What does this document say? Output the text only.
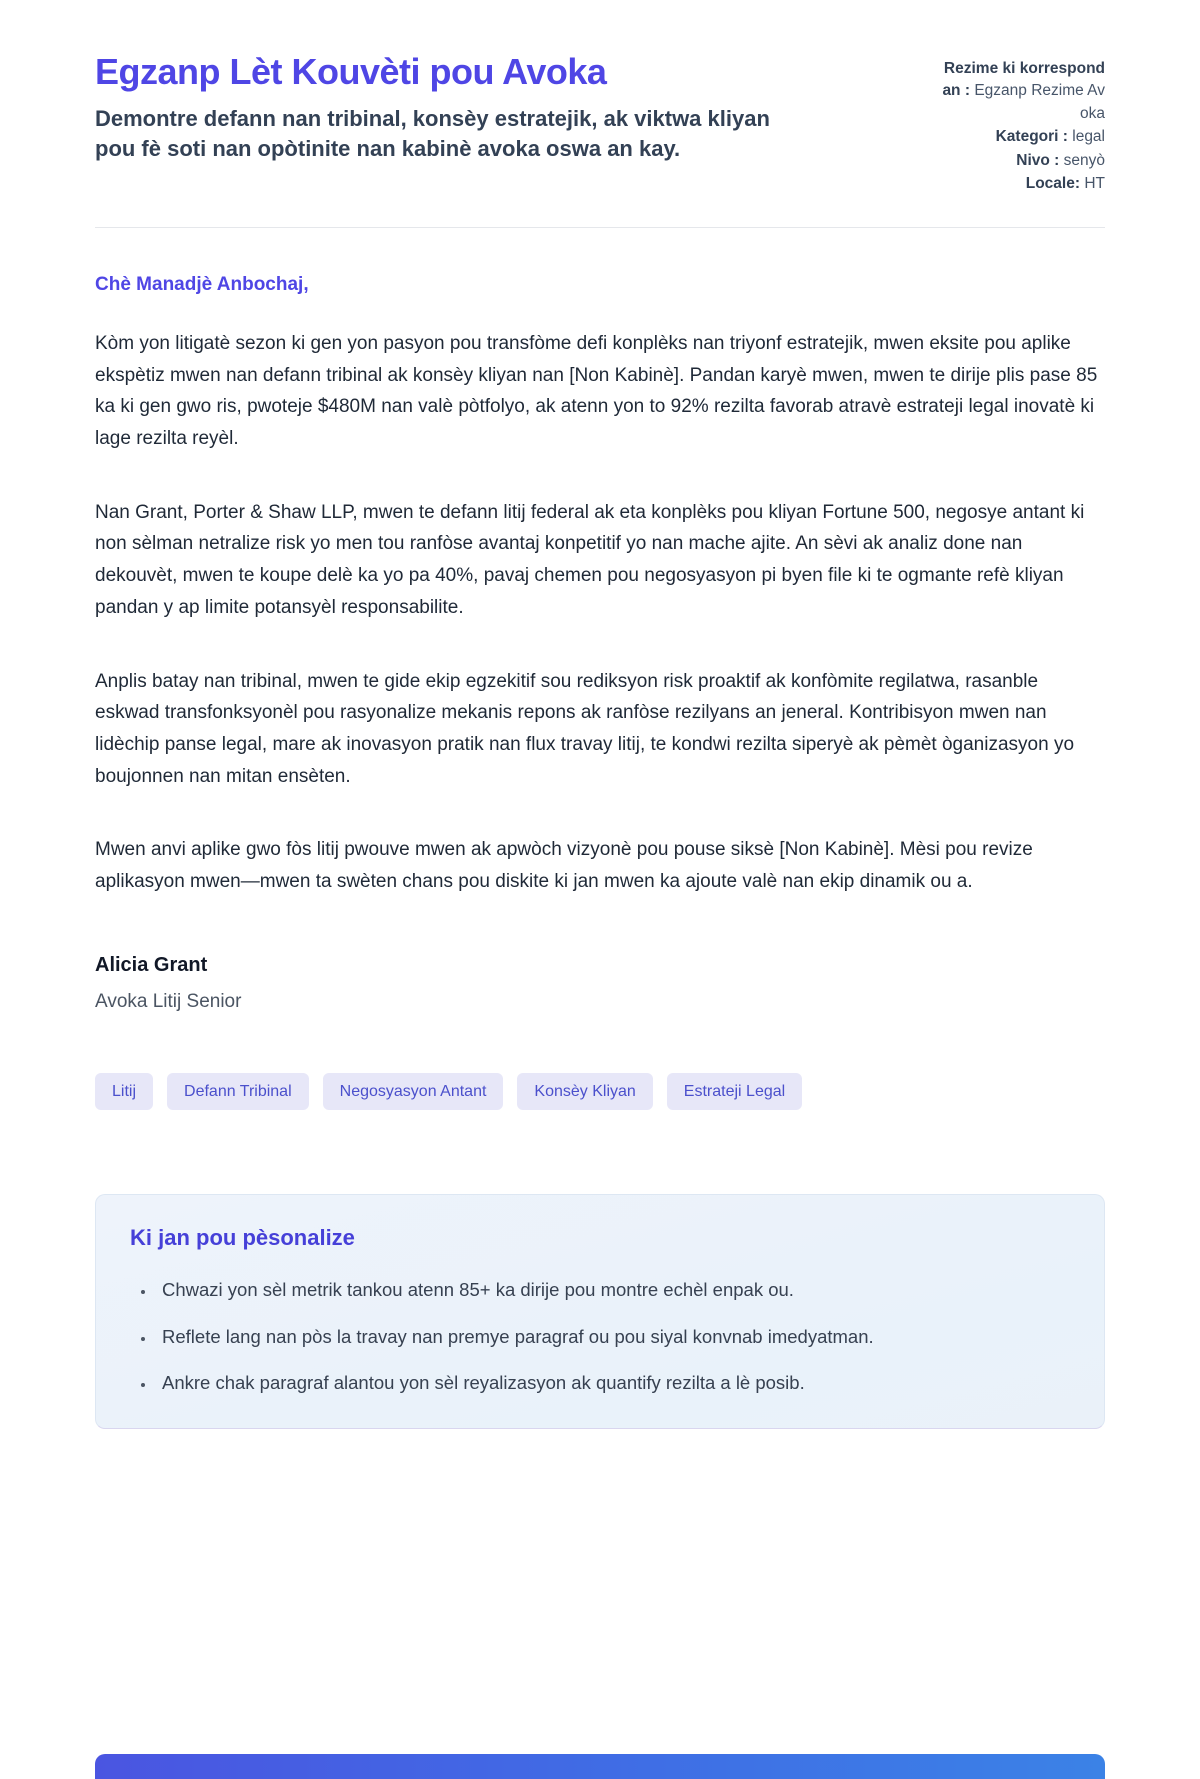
Egzanp Lèt Kouvèti pou Avoka
Demontre defann nan tribinal, konsèy estratejik, ak viktwa kliyan pou fè soti nan opòtinite nan kabinè avoka oswa an kay.
Rezime ki korrespondan : Egzanp Rezime Avoka
Kategori : legal
Nivo : senyò
Locale: HT

Chè Manadjè Anbochaj,

Kòm yon litigatè sezon ki gen yon pasyon pou transfòme defi konplèks nan triyonf estratejik, mwen eksite pou aplike ekspètiz mwen nan defann tribinal ak konsèy kliyan nan [Non Kabinè]. Pandan karyè mwen, mwen te dirije plis pase 85 ka ki gen gwo ris, pwoteje $480M nan valè pòtfolyo, ak atenn yon to 92% rezilta favorab atravè estrateji legal inovatè ki lage rezilta reyèl.

Nan Grant, Porter & Shaw LLP, mwen te defann litij federal ak eta konplèks pou kliyan Fortune 500, negosye antant ki non sèlman netralize risk yo men tou ranfòse avantaj konpetitif yo nan mache ajite. An sèvi ak analiz done nan dekouvèt, mwen te koupe delè ka yo pa 40%, pavaj chemen pou negosyasyon pi byen file ki te ogmante refè kliyan pandan y ap limite potansyèl responsabilite.

Anplis batay nan tribinal, mwen te gide ekip egzekitif sou rediksyon risk proaktif ak konfòmite regilatwa, rasanble eskwad transfonksyonèl pou rasyonalize mekanis repons ak ranfòse rezilyans an jeneral. Kontribisyon mwen nan lidèchip panse legal, mare ak inovasyon pratik nan flux travay litij, te kondwi rezilta siperyè ak pèmèt òganizasyon yo boujonnen nan mitan ensèten.

Mwen anvi aplike gwo fòs litij pwouve mwen ak apwòch vizyonè pou pouse siksè [Non Kabinè]. Mèsi pou revize aplikasyon mwen—mwen ta swèten chans pou diskite ki jan mwen ka ajoute valè nan ekip dinamik ou a.

Alicia Grant

Avoka Litij Senior

Litij	Defann Tribinal	Negosyasyon Antant	Konsèy Kliyan	Estrateji Legal
Ki jan pou pèsonalize
• Chwazi yon sèl metrik tankou atenn 85+ ka dirije pou montre echèl enpak ou.
• Reflete lang nan pòs la travay nan premye paragraf ou pou siyal konvnab imedyatman.
• Ankre chak paragraf alantou yon sèl reyalizasyon ak quantify rezilta a lè posib.
